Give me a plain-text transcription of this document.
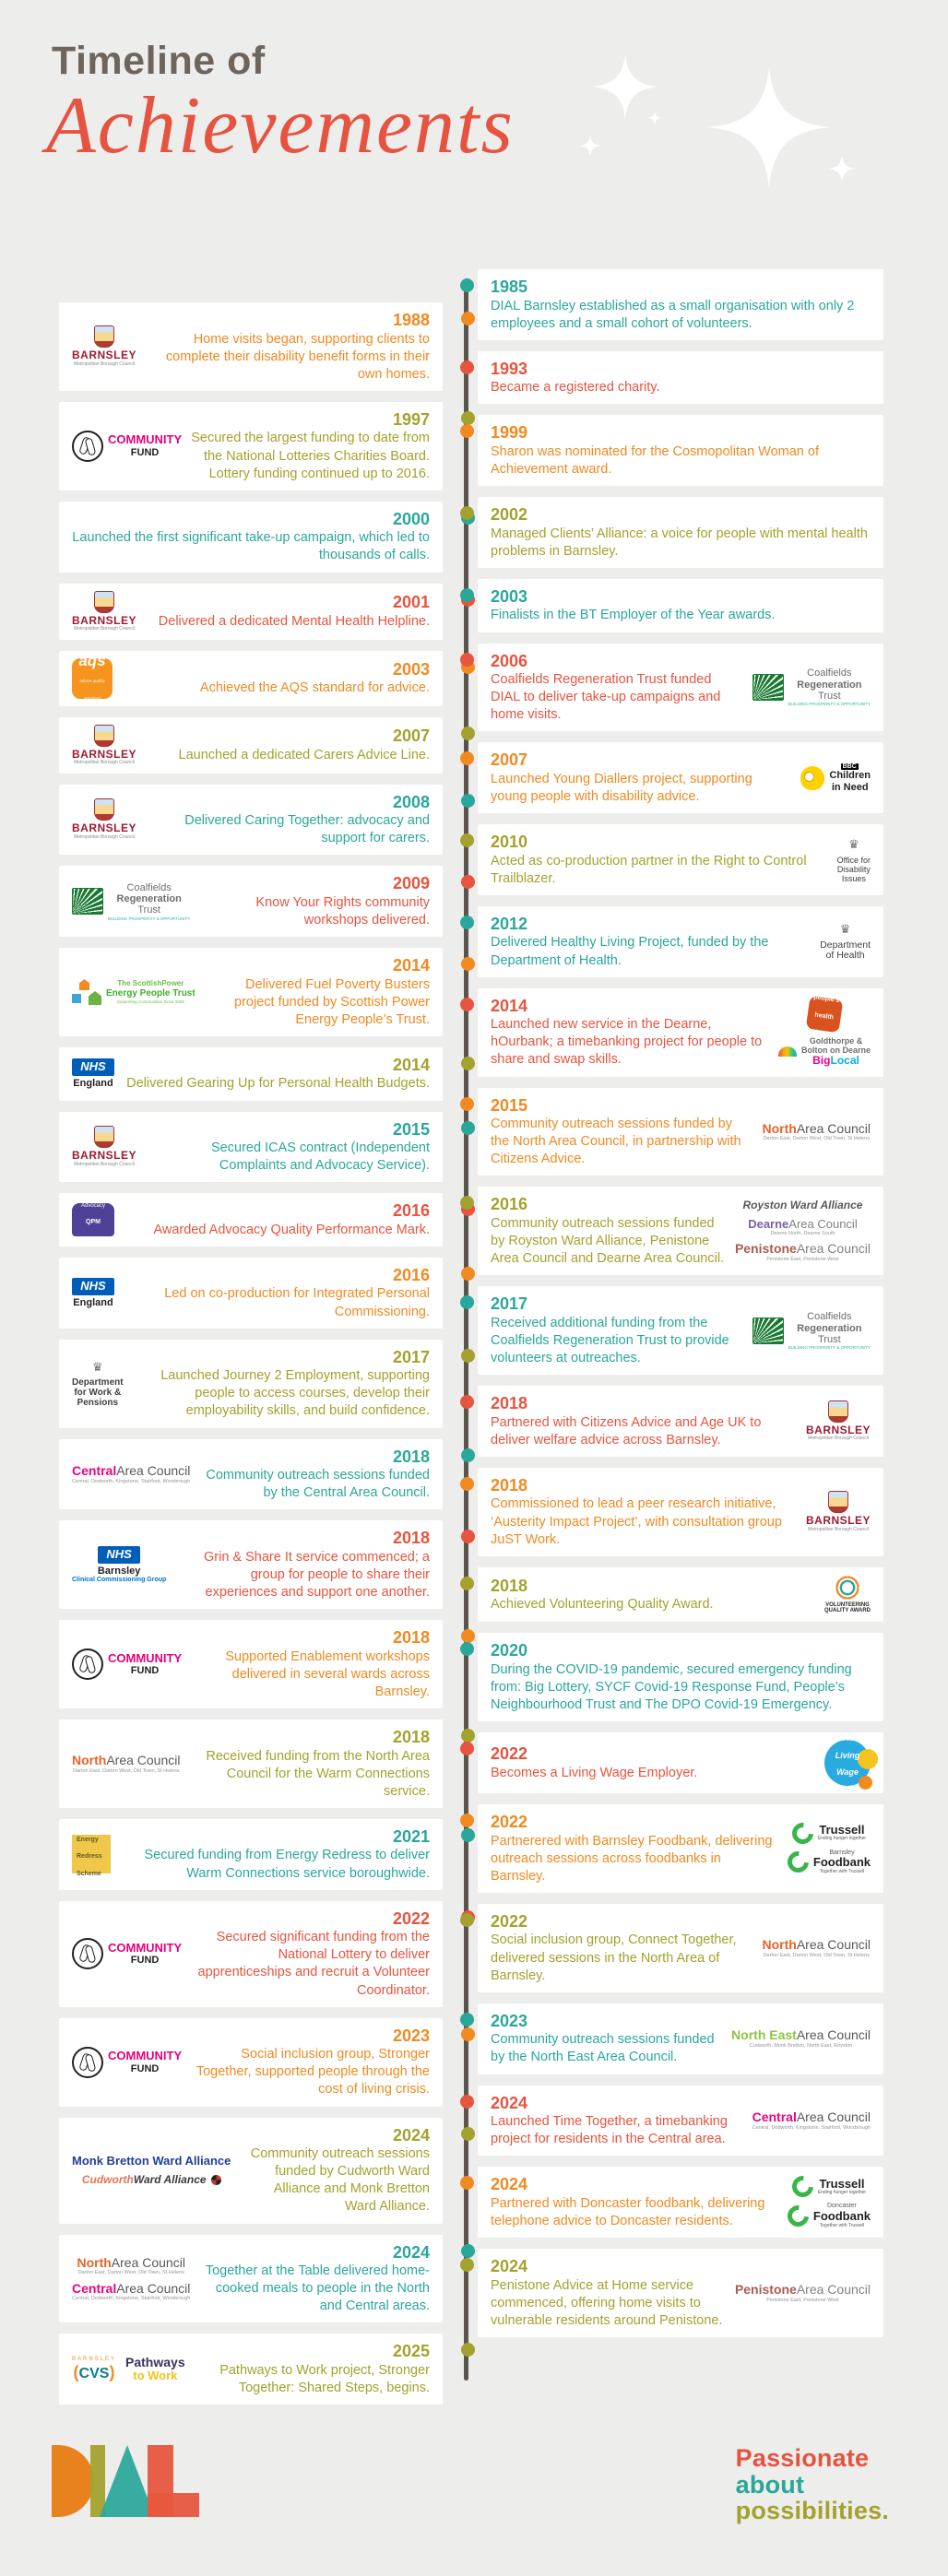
Timeline of
Achievements
BARNSLEY
Metropolitan Borough Council
1988
Home visits began, supporting clients to complete their disability benefit forms in their own homes.
COMMUNITY
FUND
1997
Secured the largest funding to date from the National Lotteries Charities Board. Lottery funding continued up to 2016.
2000
Launched the first significant take-up campaign, which led to thousands of calls.
BARNSLEY
Metropolitan Borough Council
2001
Delivered a dedicated Mental Health Helpline.
aqs
advice quality standard
2003
Achieved the AQS standard for advice.
BARNSLEY
Metropolitan Borough Council
2007
Launched a dedicated Carers Advice Line.
BARNSLEY
Metropolitan Borough Council
2008
Delivered Caring Together: advocacy and support for carers.
Coalfields
Regeneration
Trust
BUILDING PROSPERITY & OPPORTUNITY
2009
Know Your Rights community workshops delivered.
The ScottishPower
Energy People Trust
Supporting Communities Since 2005
2014
Delivered Fuel Poverty Busters project funded by Scottish Power Energy People’s Trust.
NHS
England
2014
Delivered Gearing Up for Personal Health Budgets.
BARNSLEY
Metropolitan Borough Council
2015
Secured ICAS contract (Independent Complaints and Advocacy Service).
Advocacy
QPM
AWARD
2016
Awarded Advocacy Quality Performance Mark.
NHS
England
2016
Led on co-production for Integrated Personal Commissioning.
♛
Department
for Work &
Pensions
2017
Launched Journey 2 Employment, supporting people to access courses, develop their employability skills, and build confidence.
Central Area Council
Central, Dodworth, Kingstone, Stairfoot, Worsbrough
2018
Community outreach sessions funded by the Central Area Council.
NHS
Barnsley
Clinical Commissioning Group
2018
Grin & Share It service commenced; a group for people to share their experiences and support one another.
COMMUNITY
FUND
2018
Supported Enablement workshops delivered in several wards across Barnsley.
North Area Council
Darton East, Darton West, Old Town, St Helens
2018
Received funding from the North Area Council for the Warm Connections service.
Energy
Redress
Scheme
2021
Secured funding from Energy Redress to deliver Warm Connections service boroughwide.
COMMUNITY
FUND
2022
Secured significant funding from the National Lottery to deliver apprenticeships and recruit a Volunteer Coordinator.
COMMUNITY
FUND
2023
Social inclusion group, Stronger Together, supported people through the cost of living crisis.
Monk Bretton Ward Alliance
Cudworth Ward Alliance
2024
Community outreach sessions funded by Cudworth Ward Alliance and Monk Bretton Ward Alliance.
North Area Council
Darton East, Darton West, Old Town, St Helens
Central Area Council
Central, Dodworth, Kingstone, Stairfoot, Worsbrough
2024
Together at the Table delivered home-cooked meals to people in the North and Central areas.
BARNSLEY
( CVS )
Pathways
to Work
2025
Pathways to Work project, Stronger Together: Shared Steps, begins.
1985
DIAL Barnsley established as a small organisation with only 2 employees and a small cohort of volunteers.
1993
Became a registered charity.
1999
Sharon was nominated for the Cosmopolitan Woman of Achievement award.
2002
Managed Clients’ Alliance: a voice for people with mental health problems in Barnsley.
2003
Finalists in the BT Employer of the Year awards.
2006
Coalfields Regeneration Trust funded DIAL to deliver take-up campaigns and home visits.
Coalfields
Regeneration
Trust
BUILDING PROSPERITY & OPPORTUNITY
2007
Launched Young Diallers project, supporting young people with disability advice.
BBC
Children
in Need
2010
Acted as co-production partner in the Right to Control Trailblazer.
♛
Office for
Disability
Issues
2012
Delivered Healthy Living Project, funded by the Department of Health.
♛
Department
of Health
2014
Launched new service in the Dearne, hOurbank; a timebanking project for people to share and swap skills.
people's
health
trust
Goldthorpe &
Bolton on Dearne
Big Local
2015
Community outreach sessions funded by the North Area Council, in partnership with Citizens Advice.
North Area Council
Darton East, Darton West, Old Town, St Helens
2016
Community outreach sessions funded by Royston Ward Alliance, Penistone Area Council and Dearne Area Council.
Royston Ward Alliance
Dearne Area Council
Dearne North, Dearne South
Penistone Area Council
Penistone East, Penistone West
2017
Received additional funding from the Coalfields Regeneration Trust to provide volunteers at outreaches.
Coalfields
Regeneration
Trust
BUILDING PROSPERITY & OPPORTUNITY
2018
Partnered with Citizens Advice and Age UK to deliver welfare advice across Barnsley.
BARNSLEY
Metropolitan Borough Council
2018
Commissioned to lead a peer research initiative, ‘Austerity Impact Project’, with consultation group JuST Work.
BARNSLEY
Metropolitan Borough Council
2018
Achieved Volunteering Quality Award.	VOLUNTEERING
QUALITY AWARD
2020
During the COVID-19 pandemic, secured emergency funding from: Big Lottery, SYCF Covid-19 Response Fund, People’s Neighbourhood Trust and The DPO Covid-19 Emergency.
2022
Becomes a Living Wage Employer.
We are a
Living
Wage
Employer
2022
Partnerered with Barnsley Foodbank, delivering outreach sessions across foodbanks in Barnsley.
Trussell
Ending hunger together
Barnsley
Foodbank
Together with Trussell
2022
Social inclusion group, Connect Together, delivered sessions in the North Area of Barnsley.
North Area Council
Darton East, Darton West, Old Town, St Helens
2023
Community outreach sessions funded by the North East Area Council.
North East Area Council
Cudworth, Monk Bretton, North East, Royston
2024
Launched Time Together, a timebanking project for residents in the Central area.
Central Area Council
Central, Dodworth, Kingstone, Stairfoot, Worsbrough
2024
Partnered with Doncaster foodbank, delivering telephone advice to Doncaster residents.
Trussell
Ending hunger together
Doncaster
Foodbank
Together with Trussell
2024
Penistone Advice at Home service commenced, offering home visits to vulnerable residents around Penistone.
Penistone Area Council
Penistone East, Penistone West
Passionate
about
possibilities.
